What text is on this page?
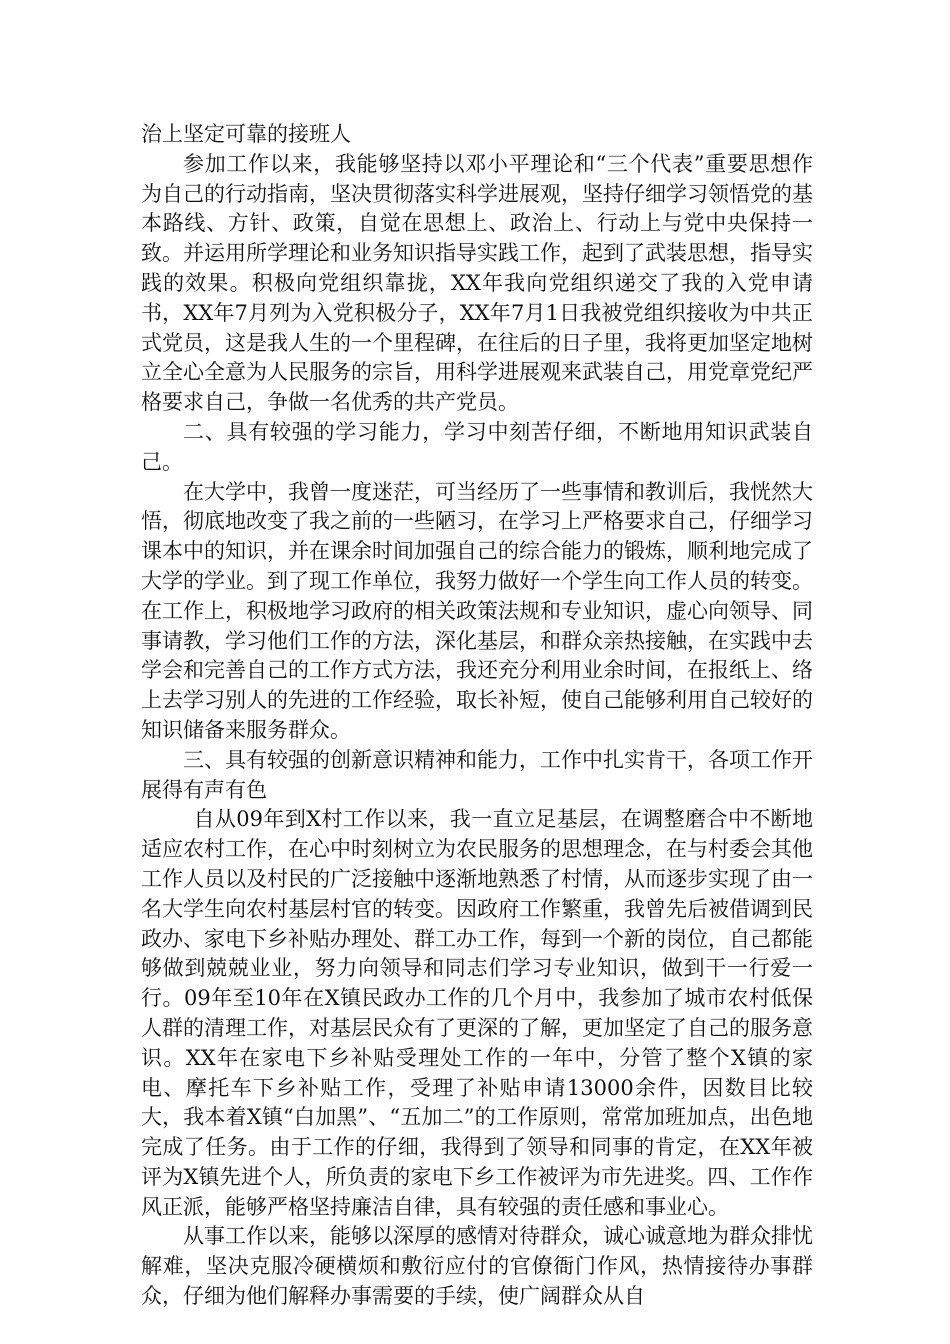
治上坚定可靠的接班人

参加工作以来，我能够坚持以邓小平理论和“三个代表”重要思想作为自己的行动指南，坚决贯彻落实科学进展观，坚持仔细学习领悟党的基本路线、方针、政策，自觉在思想上、政治上、行动上与党中央保持一致。并运用所学理论和业务知识指导实践工作，起到了武装思想，指导实践的效果。积极向党组织靠拢，XX年我向党组织递交了我的入党申请书，XX年7月列为入党积极分子，XX年7月1日我被党组织接收为中共正式党员，这是我人生的一个里程碑，在往后的日子里，我将更加坚定地树立全心全意为人民服务的宗旨，用科学进展观来武装自己，用党章党纪严格要求自己，争做一名优秀的共产党员。

二、具有较强的学习能力，学习中刻苦仔细，不断地用知识武装自己。

在大学中，我曾一度迷茫，可当经历了一些事情和教训后，我恍然大悟，彻底地改变了我之前的一些陋习，在学习上严格要求自己，仔细学习课本中的知识，并在课余时间加强自己的综合能力的锻炼，顺利地完成了大学的学业。到了现工作单位，我努力做好一个学生向工作人员的转变。在工作上，积极地学习政府的相关政策法规和专业知识，虚心向领导、同事请教，学习他们工作的方法，深化基层，和群众亲热接触，在实践中去学会和完善自己的工作方式方法，我还充分利用业余时间，在报纸上、络上去学习别人的先进的工作经验，取长补短，使自己能够利用自己较好的知识储备来服务群众。

三、具有较强的创新意识精神和能力，工作中扎实肯干，各项工作开展得有声有色

自从09年到X村工作以来，我一直立足基层，在调整磨合中不断地适应农村工作，在心中时刻树立为农民服务的思想理念，在与村委会其他工作人员以及村民的广泛接触中逐渐地熟悉了村情，从而逐步实现了由一名大学生向农村基层村官的转变。因政府工作繁重，我曾先后被借调到民政办、家电下乡补贴办理处、群工办工作，每到一个新的岗位，自己都能够做到兢兢业业，努力向领导和同志们学习专业知识，做到干一行爱一行。09年至10年在X镇民政办工作的几个月中，我参加了城市农村低保人群的清理工作，对基层民众有了更深的了解，更加坚定了自己的服务意识。XX年在家电下乡补贴受理处工作的一年中，分管了整个X镇的家电、摩托车下乡补贴工作，受理了补贴申请13000余件，因数目比较大，我本着X镇“白加黑”、“五加二”的工作原则，常常加班加点，出色地完成了任务。由于工作的仔细，我得到了领导和同事的肯定，在XX年被评为X镇先进个人，所负责的家电下乡工作被评为市先进奖。四、工作作风正派，能够严格坚持廉洁自律，具有较强的责任感和事业心。

从事工作以来，能够以深厚的感情对待群众，诚心诚意地为群众排忧解难，坚决克服冷硬横烦和敷衍应付的官僚衙门作风，热情接待办事群众，仔细为他们解释办事需要的手续，使广阔群众从自
